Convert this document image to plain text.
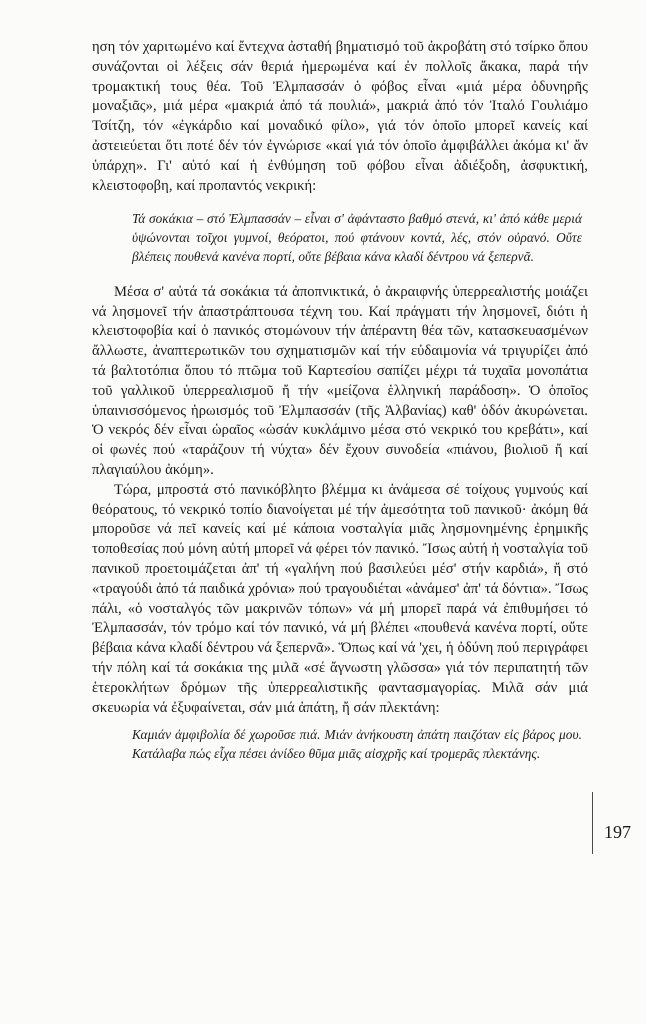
ηση τόν χαριτωμένο καί ἔντεχνα ἀσταθή βηματισμό τοῦ ἀκροβάτη στό τσίρκο ὅπου συνάζονται οἱ λέξεις σάν θεριά ἡμερωμένα καί ἐν πολλοῖς ἄκακα, παρά τήν τρομακτική τους θέα. Τοῦ Ἐλμπασσάν ὁ φόβος εἶναι «μιά μέρα ὀδυνηρῆς μοναξιᾶς», μιά μέρα «μακριά ἀπό τά πουλιά», μακριά ἀπό τόν Ἰταλό Γουλιάμο Τσίτζη, τόν «ἐγκάρδιο καί μοναδικό φίλο», γιά τόν ὁποῖο μπορεῖ κανείς καί ἀστειεύεται ὅτι ποτέ δέν τόν ἐγνώρισε «καί γιά τόν ὁποῖο ἀμφιβάλλει ἀκόμα κι' ἄν ὑπάρχη». Γι' αὐτό καί ἡ ἐνθύμηση τοῦ φόβου εἶναι ἀδιέξοδη, ἀσφυκτική, κλειστοφοβη, καί προπαντός νεκρική:

Τά σοκάκια – στό Ἐλμπασσάν – εἶναι σ' ἀφάνταστο βαθμό στενά, κι' ἀπό κάθε μεριά ὑψώνονται τοῖχοι γυμνοί, θεόρατοι, πού φτάνουν κοντά, λές, στόν οὐρανό. Οὔτε βλέπεις πουθενά κανένα πορτί, οὔτε βέβαια κάνα κλαδί δέντρου νά ξεπερνᾶ.

Μέσα σ' αὐτά τά σοκάκια τά ἀποπνικτικά, ὁ ἀκραιφνής ὑπερρεαλιστής μοιάζει νά λησμονεῖ τήν ἀπαστράπτουσα τέχνη του. Καί πράγματι τήν λησμονεῖ, διότι ἡ κλειστοφοβία καί ὁ πανικός στομώνουν τήν ἀπέραντη θέα τῶν, κατασκευασμένων ἄλλωστε, ἀναπτερωτικῶν του σχηματισμῶν καί τήν εὐδαιμονία νά τριγυρίζει ἀπό τά βαλτοτόπια ὅπου τό πτῶμα τοῦ Καρτεσίου σαπίζει μέχρι τά τυχαῖα μονοπάτια τοῦ γαλλικοῦ ὑπερρεαλισμοῦ ἤ τήν «μείζονα ἑλληνική παράδοση». Ὁ ὁποῖος ὑπαινισσόμενος ἡρωισμός τοῦ Ἐλμπασσάν (τῆς Ἀλβανίας) καθ' ὁδόν ἀκυρώνεται. Ὁ νεκρός δέν εἶναι ὡραῖος «ὡσάν κυκλάμινο μέσα στό νεκρικό του κρεβάτι», καί οἱ φωνές πού «ταράζουν τή νύχτα» δέν ἔχουν συνοδεία «πιάνου, βιολιοῦ ἤ καί πλαγιαύλου ἀκόμη».

Τώρα, μπροστά στό πανικόβλητο βλέμμα κι ἀνάμεσα σέ τοίχους γυμνούς καί θεόρατους, τό νεκρικό τοπίο διανοίγεται μέ τήν ἀμεσότητα τοῦ πανικοῦ· ἀκόμη θά μποροῦσε νά πεῖ κανείς καί μέ κάποια νοσταλγία μιᾶς λησμονημένης ἐρημικῆς τοποθεσίας πού μόνη αὐτή μπορεῖ νά φέρει τόν πανικό. Ἴσως αὐτή ἡ νοσταλγία τοῦ πανικοῦ προετοιμάζεται ἀπ' τή «γαλήνη πού βασιλεύει μέσ' στήν καρδιά», ἤ στό «τραγούδι ἀπό τά παιδικά χρόνια» πού τραγουδιέται «ἀνάμεσ' ἀπ' τά δόντια». Ἴσως πάλι, «ὁ νοσταλγός τῶν μακρινῶν τόπων» νά μή μπορεῖ παρά νά ἐπιθυμήσει τό Ἐλμπασσάν, τόν τρόμο καί τόν πανικό, νά μή βλέπει «πουθενά κανένα πορτί, οὔτε βέβαια κάνα κλαδί δέντρου νά ξεπερνᾶ». Ὅπως καί νά 'χει, ἡ ὀδύνη πού περιγράφει τήν πόλη καί τά σοκάκια της μιλᾶ «σέ ἄγνωστη γλῶσσα» γιά τόν περιπατητή τῶν ἑτεροκλήτων δρόμων τῆς ὑπερρεαλιστικῆς φαντασμαγορίας. Μιλᾶ σάν μιά σκευωρία νά ἐξυφαίνεται, σάν μιά ἀπάτη, ἤ σάν πλεκτάνη:

Καμιάν ἀμφιβολία δέ χωροῦσε πιά. Μιάν ἀνήκουστη ἀπάτη παιζόταν εἰς βάρος μου. Κατάλαβα πώς εἶχα πέσει ἀνίδεο θῦμα μιᾶς αἰσχρῆς καί τρομερᾶς πλεκτάνης.

197
